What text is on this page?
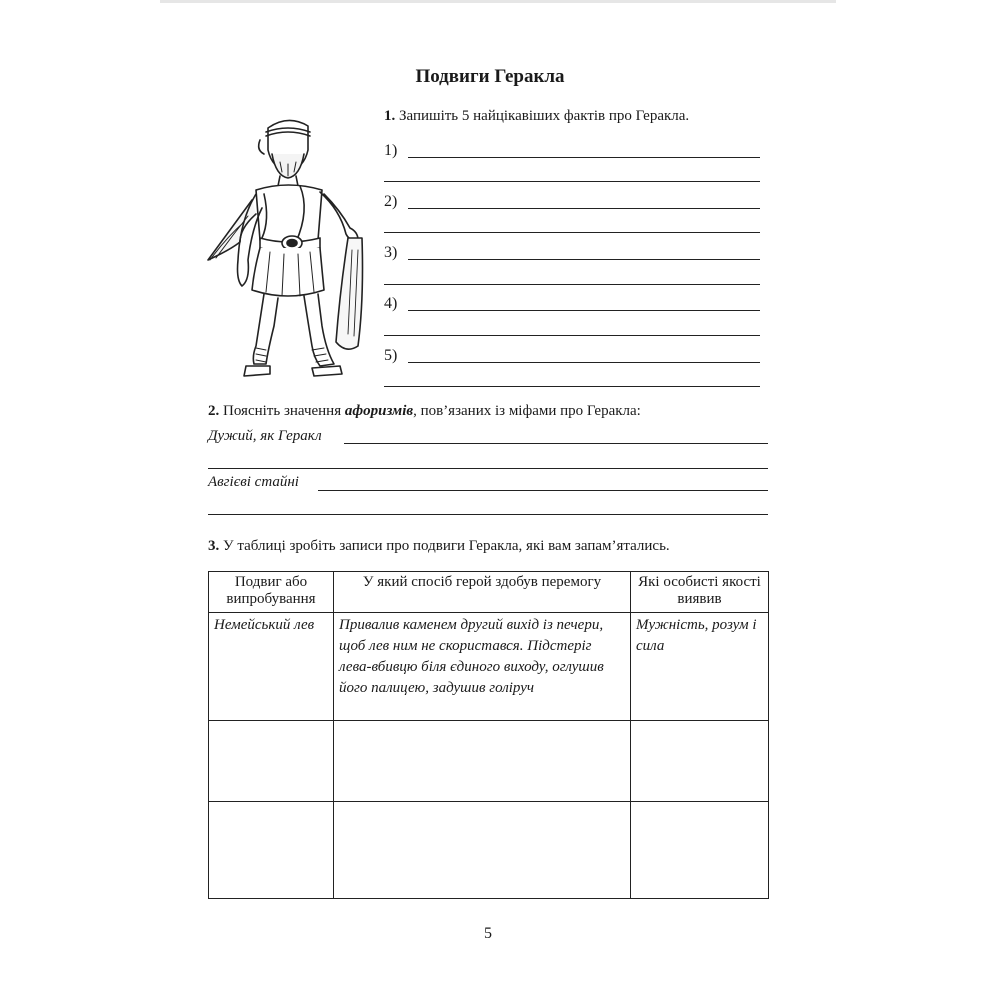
Подвиги Геракла
1. Запишіть 5 найцікавіших фактів про Геракла.
1)
2)
3)
4)
5)
2. Поясніть значення афоризмів, пов’язаних із міфами про Геракла:
Дужий, як Геракл
Авгієві стайні
3. У таблиці зробіть записи про подвиги Геракла, які вам запам’ятались.
Подвиг або випробування	У який спосіб герой здобув перемогу	Які особисті якості виявив
Немейський лев	Привалив каменем другий вихід із печери, щоб лев ним не скористався. Підстеріг лева-вбивцю біля єдиного виходу, оглушив його палицею, задушив голіруч	Мужність, розум і сила

5
